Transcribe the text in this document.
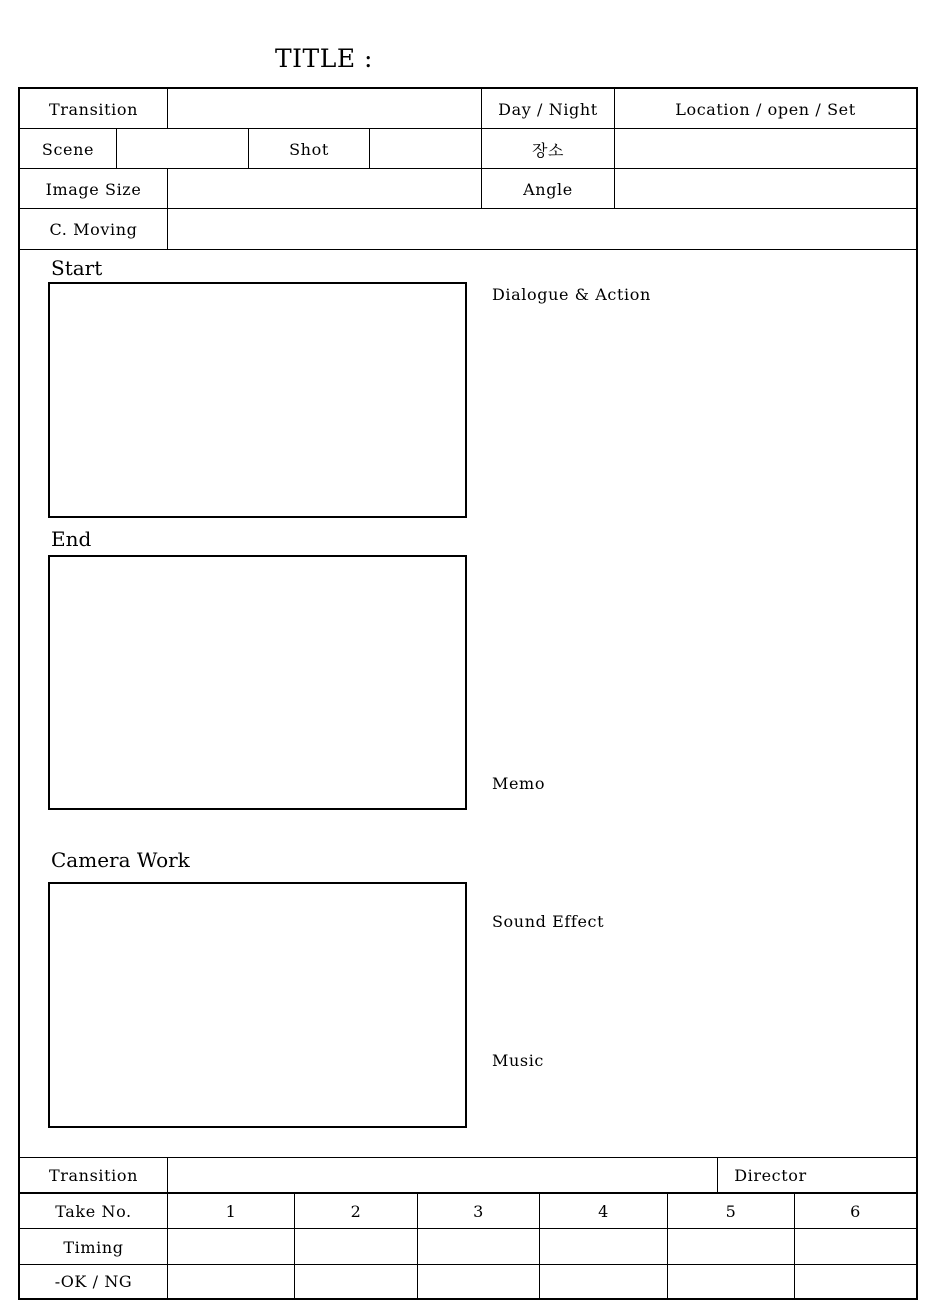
TITLE :
Transition	Day / Night	Location / open / Set
Scene	Shot	장소
Image Size	Angle
C. Moving
Start
End
Camera Work
Dialogue & Action
Memo
Sound Effect
Music
Transition	Director
Take No.	1	2	3	4	5	6
Timing
-OK / NG
